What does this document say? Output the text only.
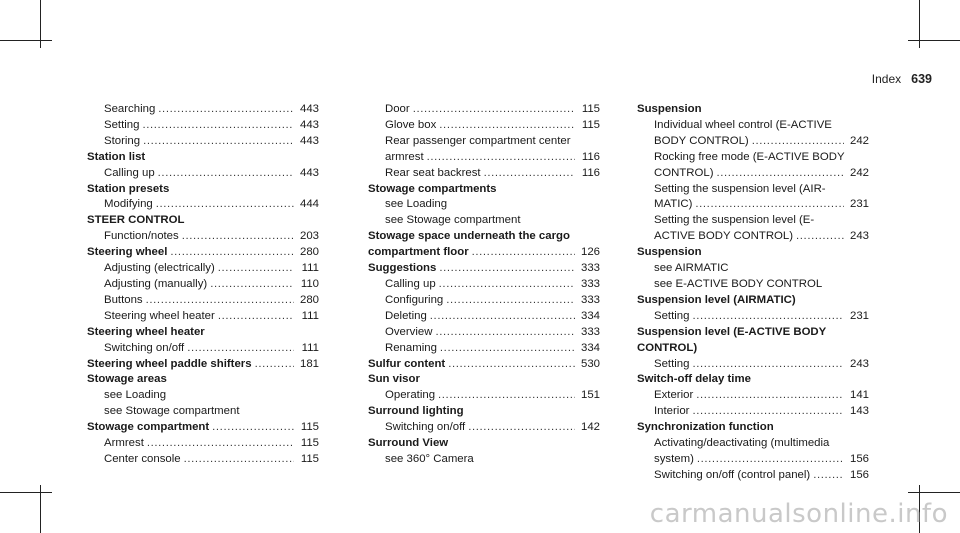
Index 639
Searching .....	443
Setting .....	443
Storing .....	443
Station list
Calling up .....	443
Station presets
Modifying .....	444
STEER CONTROL
Function/notes .....	203
Steering wheel .....	280
Adjusting (electrically) .....	111
Adjusting (manually) .....	110
Buttons .....	280
Steering wheel heater .....	111
Steering wheel heater
Switching on/off .....	111
Steering wheel paddle shifters .....	181
Stowage areas
see Loading
see Stowage compartment
Stowage compartment .....	115
Armrest .....	115
Center console .....	115
Door .....	115
Glove box .....	115
Rear passenger compartment center
armrest .....	116
Rear seat backrest .....	116
Stowage compartments
see Loading
see Stowage compartment
Stowage space underneath the cargo
compartment floor .....	126
Suggestions .....	333
Calling up .....	333
Configuring .....	333
Deleting .....	334
Overview .....	333
Renaming .....	334
Sulfur content .....	530
Sun visor
Operating .....	151
Surround lighting
Switching on/off .....	142
Surround View
see 360° Camera
Suspension
Individual wheel control (E-ACTIVE
BODY CONTROL) .....	242
Rocking free mode (E-ACTIVE BODY
CONTROL) .....	242
Setting the suspension level (AIR-
MATIC) .....	231
Setting the suspension level (E-
ACTIVE BODY CONTROL) .....	243
Suspension
see AIRMATIC
see E-ACTIVE BODY CONTROL
Suspension level (AIRMATIC)
Setting .....	231
Suspension level (E-ACTIVE BODY
CONTROL)
Setting .....	243
Switch-off delay time
Exterior .....	141
Interior .....	143
Synchronization function
Activating/deactivating (multimedia
system) .....	156
Switching on/off (control panel) .....	156
carmanualsonline.info
